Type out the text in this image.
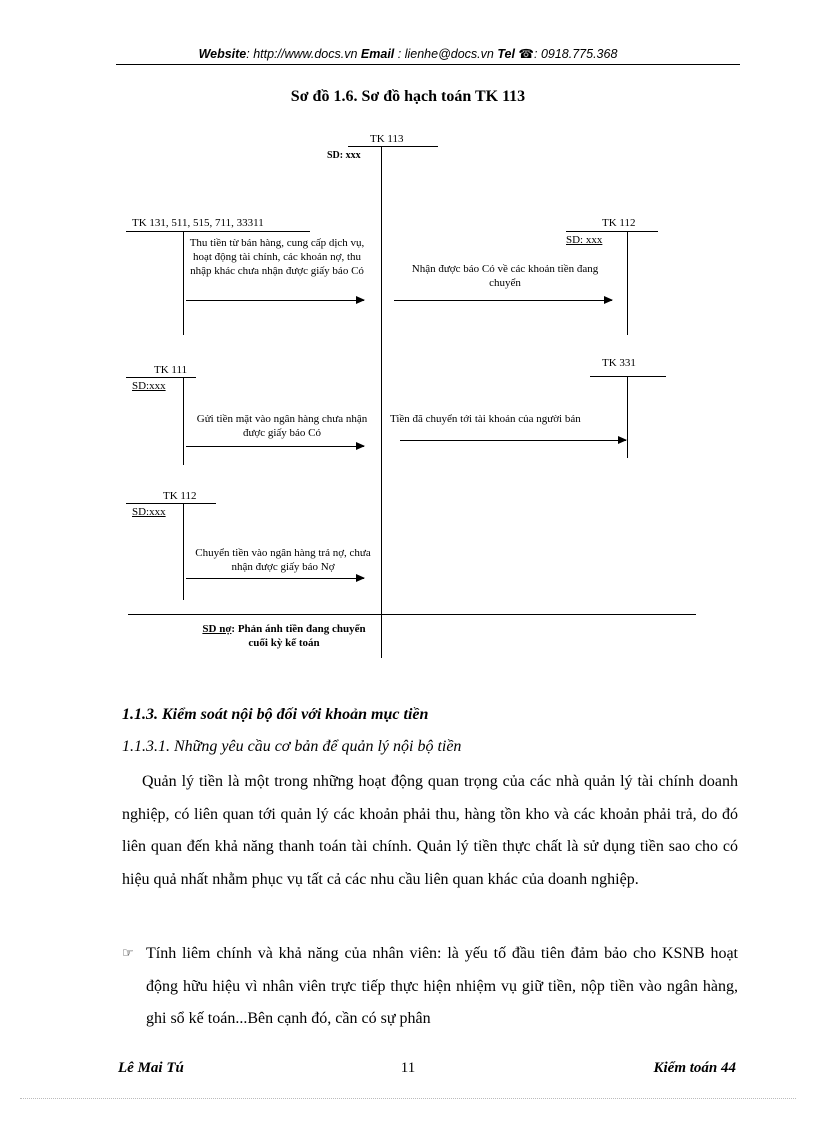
Website: http://www.docs.vn Email : lienhe@docs.vn Tel ☎: 0918.775.368
Sơ đồ 1.6. Sơ đồ hạch toán TK 113
TK 113
SD: xxx
TK 131, 511, 515, 711, 33311
Thu tiền từ bán hàng, cung cấp dịch vụ, hoạt động tài chính, các khoản nợ, thu nhập khác chưa nhận được giấy báo Có
TK 112
SD: xxx
Nhận được báo Có về các khoản tiền đang chuyển
TK 111
SD:xxx
Gửi tiền mặt vào ngân hàng chưa nhận được giấy báo Có
TK 331
Tiền đã chuyển tới tài khoản của người bán
TK 112
SD:xxx
Chuyển tiền vào ngân hàng trả nợ, chưa nhận được giấy báo Nợ
SD nợ: Phản ánh tiền đang chuyển cuối kỳ kế toán
1.1.3. Kiểm soát nội bộ đối với khoản mục tiền
1.1.3.1. Những yêu cầu cơ bản để quản lý nội bộ tiền

Quản lý tiền là một trong những hoạt động quan trọng của các nhà quản lý tài chính doanh nghiệp, có liên quan tới quản lý các khoản phải thu, hàng tồn kho và các khoản phải trả, do đó liên quan đến khả năng thanh toán tài chính. Quản lý tiền thực chất là sử dụng tiền sao cho có hiệu quả nhất nhằm phục vụ tất cả các nhu cầu liên quan khác của doanh nghiệp.

☞ Tính liêm chính và khả năng của nhân viên: là yếu tố đầu tiên đảm bảo cho KSNB hoạt động hữu hiệu vì nhân viên trực tiếp thực hiện nhiệm vụ giữ tiền, nộp tiền vào ngân hàng, ghi sổ kế toán...Bên cạnh đó, cần có sự phân
Lê Mai Tú	11	Kiểm toán 44
